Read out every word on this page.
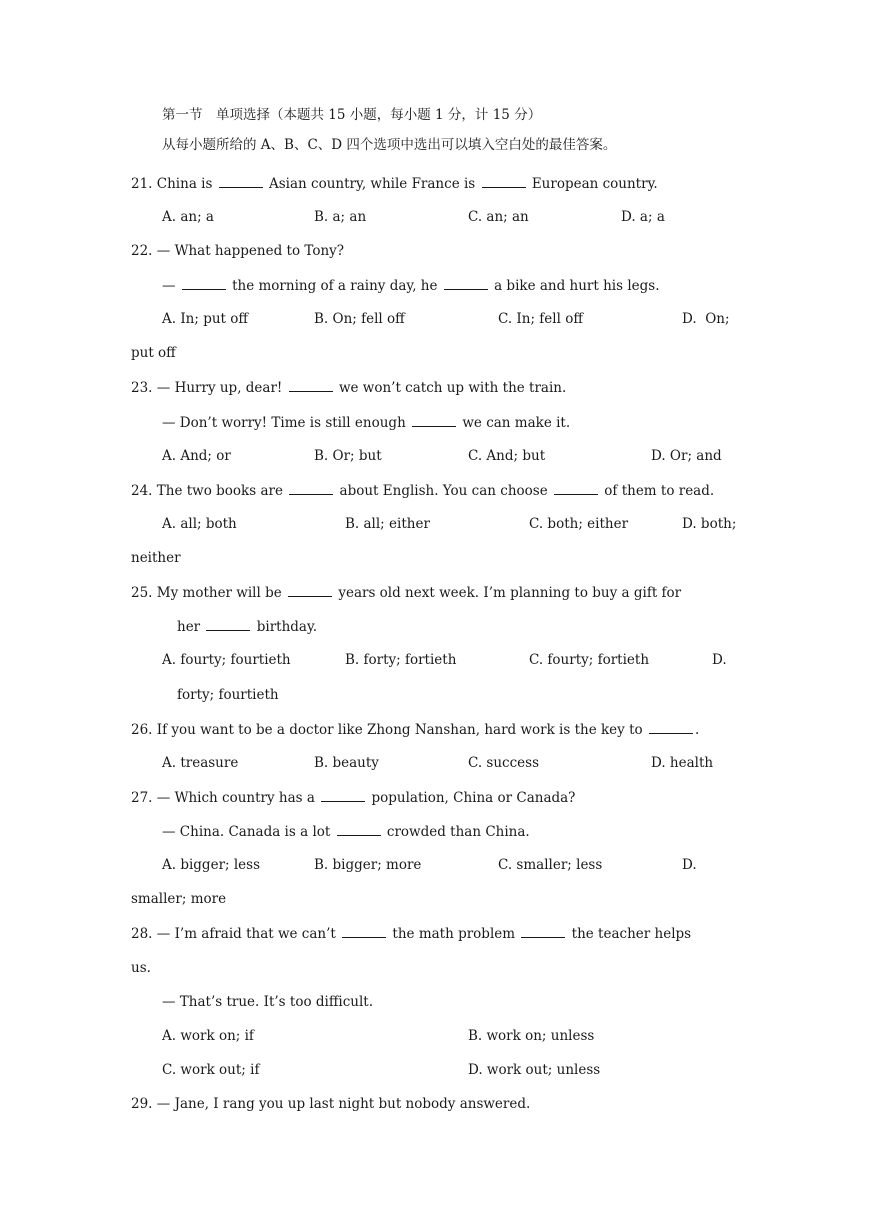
第一节　单项选择（本题共 15 小题，每小题 1 分，计 15 分）
从每小题所给的 A、B、C、D 四个选项中选出可以填入空白处的最佳答案。
21. China is	Asian country, while France is	European country.
A. an; a	B. a; an	C. an; an	D. a; a
22. — What happened to Tony?
—	the morning of a rainy day, he	a bike and hurt his legs.
A. In; put off	B. On; fell off	C. In; fell off	D.  On;
put off
23. — Hurry up, dear!	we won’t catch up with the train.
— Don’t worry! Time is still enough	we can make it.
A. And; or	B. Or; but	C. And; but	D. Or; and
24. The two books are	about English. You can choose	of them to read.
A. all; both	B. all; either	C. both; either	D. both;
neither
25. My mother will be	years old next week. I’m planning to buy a gift for
her	birthday.
A. fourty; fourtieth	B. forty; fortieth	C. fourty; fortieth	D.
forty; fourtieth
26. If you want to be a doctor like Zhong Nanshan, hard work is the key to	.
A. treasure	B. beauty	C. success	D. health
27. — Which country has a	population, China or Canada?
— China. Canada is a lot	crowded than China.
A. bigger; less	B. bigger; more	C. smaller; less	D.
smaller; more
28. — I’m afraid that we can’t	the math problem	the teacher helps
us.
— That’s true. It’s too difficult.
A. work on; if	B. work on; unless
C. work out; if	D. work out; unless
29. — Jane, I rang you up last night but nobody answered.
